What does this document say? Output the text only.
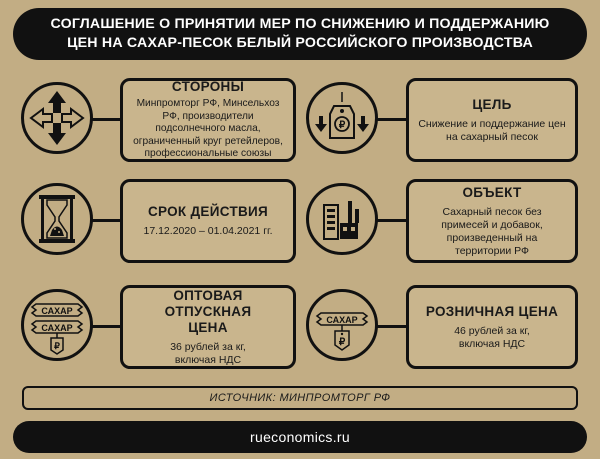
СОГЛАШЕНИЕ О ПРИНЯТИИ МЕР ПО СНИЖЕНИЮ И ПОДДЕРЖАНИЮ
ЦЕН НА САХАР-ПЕСОК БЕЛЫЙ РОССИЙСКОГО ПРОИЗВОДСТВА
СТОРОНЫ
Минпромторг РФ, Минсельхоз РФ, производители подсолнечного масла, ограниченный круг ретейлеров, профессиональные союзы
₽
ЦЕЛЬ
Снижение и поддержание цен на сахарный песок
СРОК ДЕЙСТВИЯ
17.12.2020 – 01.04.2021 гг.
ОБЪЕКТ
Сахарный песок без примесей и добавок, произведенный на территории РФ
САХАР
САХАР
₽
ОПТОВАЯ ОТПУСКНАЯ
ЦЕНА
36 рублей за кг,
включая НДС
САХАР
₽
РОЗНИЧНАЯ ЦЕНА
46 рублей за кг,
включая НДС
ИСТОЧНИК: МИНПРОМТОРГ РФ
rueconomics.ru
